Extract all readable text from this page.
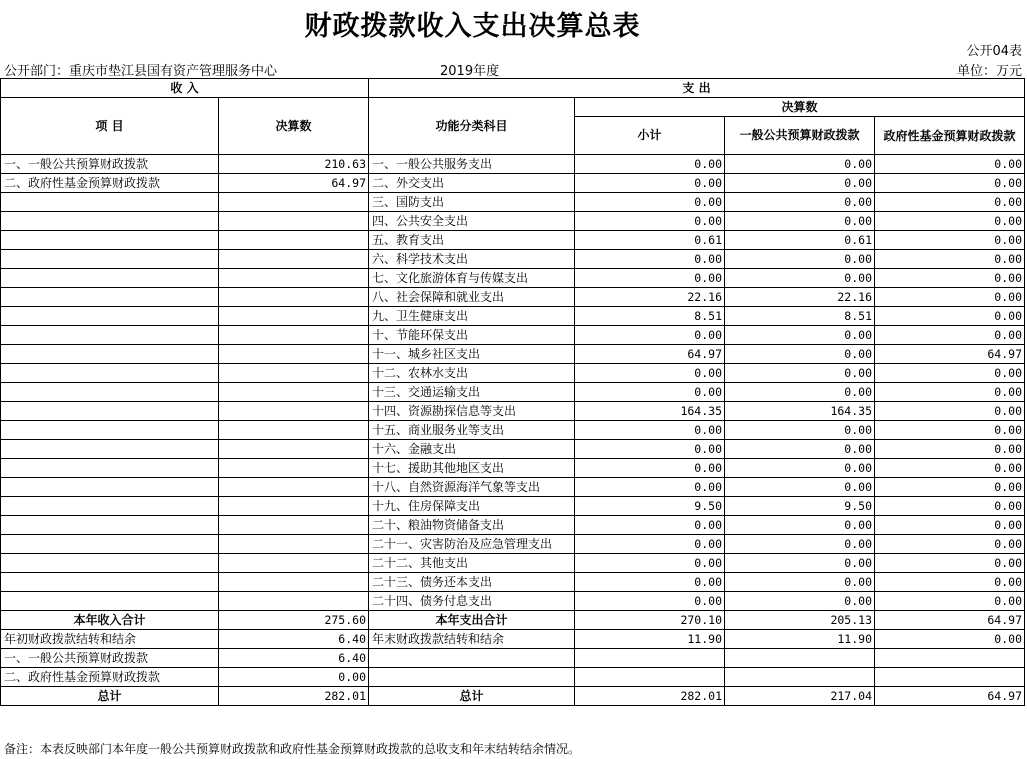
财政拨款收入支出决算总表
公开04表
公开部门：重庆市垫江县国有资产管理服务中心	2019年度	单位：万元
收 入		支 出			
项 目	决算数	功能分类科目	决算数		
			小计	一般公共预算财政拨款	政府性基金预算财政拨款
一、一般公共预算财政拨款	210.63	一、一般公共服务支出	0.00	0.00	0.00
二、政府性基金预算财政拨款	64.97	二、外交支出	0.00	0.00	0.00
		三、国防支出	0.00	0.00	0.00
		四、公共安全支出	0.00	0.00	0.00
		五、教育支出	0.61	0.61	0.00
		六、科学技术支出	0.00	0.00	0.00
		七、文化旅游体育与传媒支出	0.00	0.00	0.00
		八、社会保障和就业支出	22.16	22.16	0.00
		九、卫生健康支出	8.51	8.51	0.00
		十、节能环保支出	0.00	0.00	0.00
		十一、城乡社区支出	64.97	0.00	64.97
		十二、农林水支出	0.00	0.00	0.00
		十三、交通运输支出	0.00	0.00	0.00
		十四、资源勘探信息等支出	164.35	164.35	0.00
		十五、商业服务业等支出	0.00	0.00	0.00
		十六、金融支出	0.00	0.00	0.00
		十七、援助其他地区支出	0.00	0.00	0.00
		十八、自然资源海洋气象等支出	0.00	0.00	0.00
		十九、住房保障支出	9.50	9.50	0.00
		二十、粮油物资储备支出	0.00	0.00	0.00
		二十一、灾害防治及应急管理支出	0.00	0.00	0.00
		二十二、其他支出	0.00	0.00	0.00
		二十三、债务还本支出	0.00	0.00	0.00
		二十四、债务付息支出	0.00	0.00	0.00
本年收入合计	275.60	本年支出合计	270.10	205.13	64.97
年初财政拨款结转和结余	6.40	年末财政拨款结转和结余	11.90	11.90	0.00
一、一般公共预算财政拨款	6.40				
二、政府性基金预算财政拨款	0.00				
总计	282.01	总计	282.01	217.04	64.97
备注：本表反映部门本年度一般公共预算财政拨款和政府性基金预算财政拨款的总收支和年末结转结余情况。
